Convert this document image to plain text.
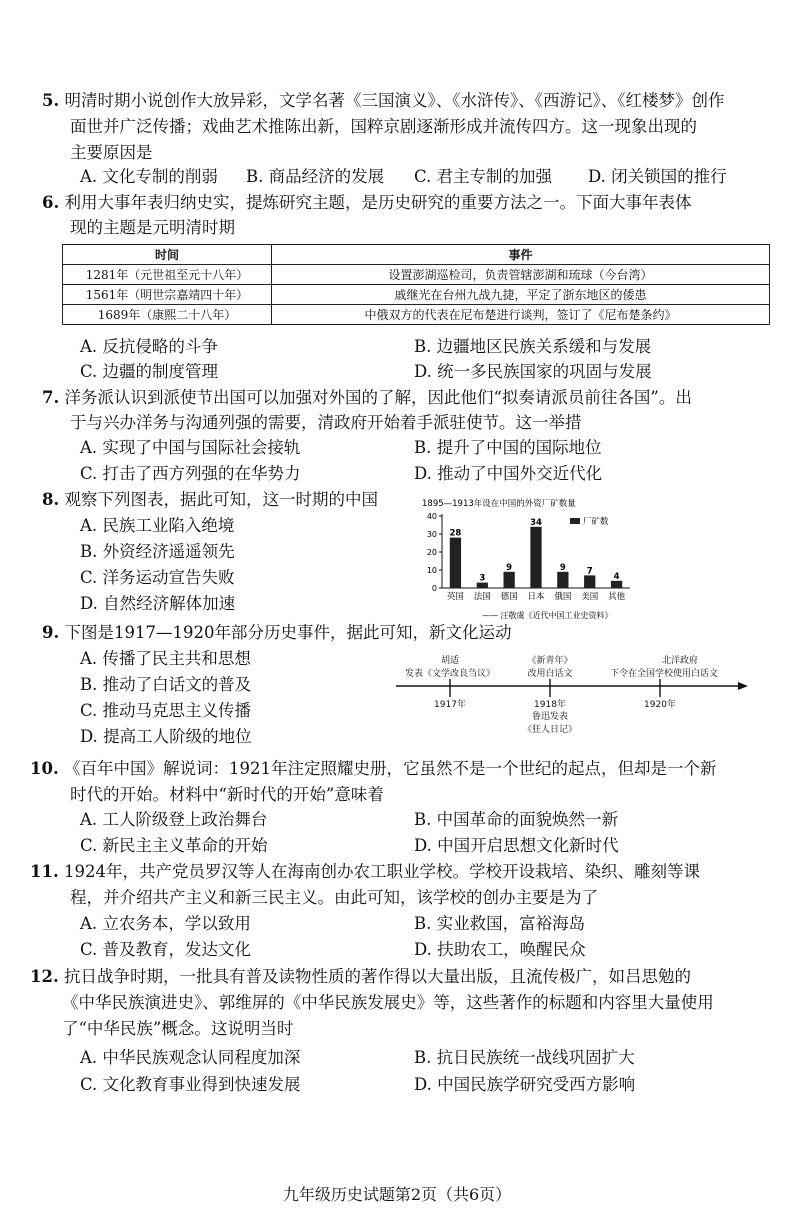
5. 明清时期小说创作大放异彩，文学名著《三国演义》、《水浒传》、《西游记》、《红楼梦》创作
面世并广泛传播；戏曲艺术推陈出新，国粹京剧逐渐形成并流传四方。这一现象出现的
主要原因是
A. 文化专制的削弱 B. 商品经济的发展 C. 君主专制的加强 D. 闭关锁国的推行
6. 利用大事年表归纳史实，提炼研究主题，是历史研究的重要方法之一。下面大事年表体
现的主题是元明清时期
时间	事件
1281年（元世祖至元十八年）	设置澎湖巡检司，负责管辖澎湖和琉球（今台湾）
1561年（明世宗嘉靖四十年）	戚继光在台州九战九捷，平定了浙东地区的倭患
1689年（康熙二十八年）	中俄双方的代表在尼布楚进行谈判，签订了《尼布楚条约》
A. 反抗侵略的斗争	B. 边疆地区民族关系缓和与发展
C. 边疆的制度管理	D. 统一多民族国家的巩固与发展
7. 洋务派认识到派使节出国可以加强对外国的了解，因此他们“拟奏请派员前往各国”。出
于与兴办洋务与沟通列强的需要，清政府开始着手派驻使节。这一举措
A. 实现了中国与国际社会接轨	B. 提升了中国的国际地位
C. 打击了西方列强的在华势力	D. 推动了中国外交近代化
8. 观察下列图表，据此可知，这一时期的中国
A. 民族工业陷入绝境
B. 外资经济遥遥领先
C. 洋务运动宣告失败
D. 自然经济解体加速
1895—1913年设在中国的外资厂矿数量
厂矿数
0
10
20
30
40
28
英国
3
法国
9
德国
34
日本
9
俄国
7
美国
4
其他
—— 汪敬虞《近代中国工业史资料》
9. 下图是1917—1920年部分历史事件，据此可知，新文化运动
A. 传播了民主共和思想
B. 推动了白话文的普及
C. 推动马克思主义传播
D. 提高工人阶级的地位
胡适
发表《文学改良刍议》
《新青年》
改用白话文
北洋政府
下令在全国学校使用白话文
1917年	1918年
鲁迅发表
《狂人日记》
1920年
10. 《百年中国》解说词：1921年注定照耀史册，它虽然不是一个世纪的起点，但却是一个新
时代的开始。材料中“新时代的开始”意味着
A. 工人阶级登上政治舞台	B. 中国革命的面貌焕然一新
C. 新民主主义革命的开始	D. 中国开启思想文化新时代
11. 1924年，共产党员罗汉等人在海南创办农工职业学校。学校开设栽培、染织、雕刻等课
程，并介绍共产主义和新三民主义。由此可知，该学校的创办主要是为了
A. 立农务本，学以致用	B. 实业救国，富裕海岛
C. 普及教育，发达文化	D. 扶助农工，唤醒民众
12. 抗日战争时期，一批具有普及读物性质的著作得以大量出版，且流传极广，如吕思勉的
《中华民族演进史》、郭维屏的《中华民族发展史》等，这些著作的标题和内容里大量使用
了“中华民族”概念。这说明当时
A. 中华民族观念认同程度加深	B. 抗日民族统一战线巩固扩大
C. 文化教育事业得到快速发展	D. 中国民族学研究受西方影响
九年级历史试题第2页（共6页）
